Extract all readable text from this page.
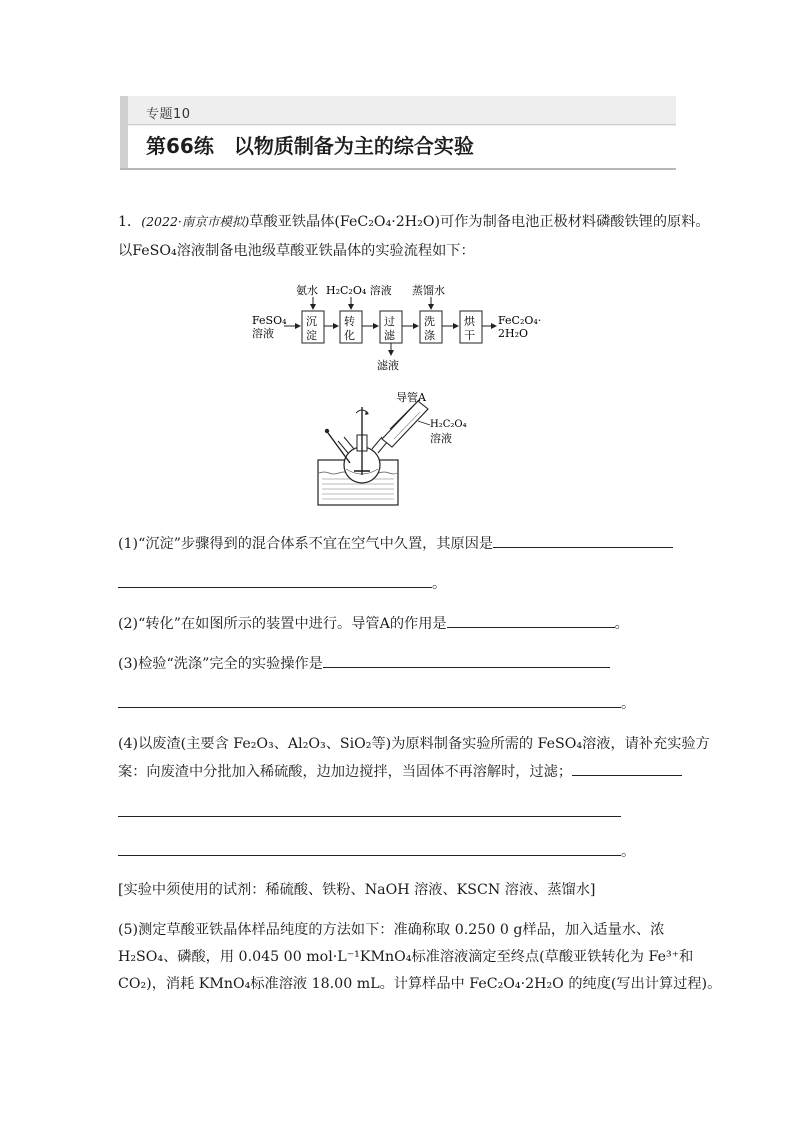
专题10
第66练　以物质制备为主的综合实验
1．(2022·南京市模拟)草酸亚铁晶体(FeC₂O₄·2H₂O)可作为制备电池正极材料磷酸铁锂的原料。
以FeSO₄溶液制备电池级草酸亚铁晶体的实验流程如下：
FeSO₄
溶液
沉
淀
氨水
转
化
H₂C₂O₄ 溶液
过
滤
滤液
洗
涤
蒸馏水
烘
干
FeC₂O₄·
2H₂O
导管A
H₂C₂O₄
溶液
(1)“沉淀”步骤得到的混合体系不宜在空气中久置，其原因是
。
(2)“转化”在如图所示的装置中进行。导管A的作用是	。
(3)检验“洗涤”完全的实验操作是
。
(4)以废渣(主要含 Fe₂O₃、Al₂O₃、SiO₂等)为原料制备实验所需的 FeSO₄溶液，请补充实验方
案：向废渣中分批加入稀硫酸，边加边搅拌，当固体不再溶解时，过滤；
。
[实验中须使用的试剂：稀硫酸、铁粉、NaOH 溶液、KSCN 溶液、蒸馏水]
(5)测定草酸亚铁晶体样品纯度的方法如下：准确称取 0.250 0 g样品，加入适量水、浓
H₂SO₄、磷酸，用 0.045 00 mol·L⁻¹KMnO₄标准溶液滴定至终点(草酸亚铁转化为 Fe³⁺和
CO₂)，消耗 KMnO₄标准溶液 18.00 mL。计算样品中 FeC₂O₄·2H₂O 的纯度(写出计算过程)。
